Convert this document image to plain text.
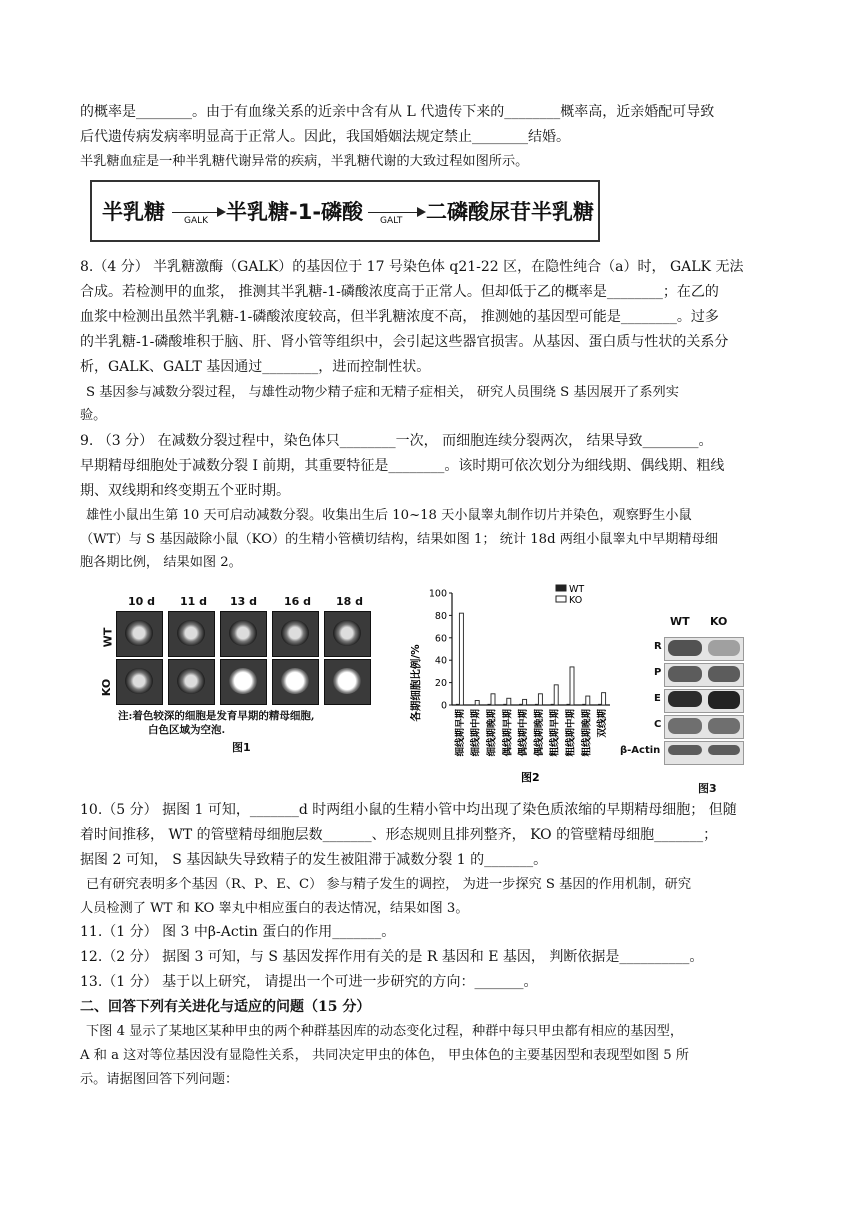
的概率是________。由于有血缘关系的近亲中含有从 L 代遗传下来的________概率高，近亲婚配可导致
后代遗传病发病率明显高于正常人。因此，我国婚姻法规定禁止________结婚。
半乳糖血症是一种半乳糖代谢异常的疾病，半乳糖代谢的大致过程如图所示。
半乳糖 GALK 半乳糖-1-磷酸 GALT 二磷酸尿苷半乳糖
8.（4 分） 半乳糖激酶（GALK）的基因位于 17 号染色体 q21-22 区，在隐性纯合（a）时， GALK 无法
合成。若检测甲的血浆， 推测其半乳糖-1-磷酸浓度高于正常人。但却低于乙的概率是________；在乙的
血浆中检测出虽然半乳糖-1-磷酸浓度较高，但半乳糖浓度不高， 推测她的基因型可能是________。过多
的半乳糖-1-磷酸堆积于脑、肝、肾小管等组织中，会引起这些器官损害。从基因、蛋白质与性状的关系分
析，GALK、GALT 基因通过________，进而控制性状。
S 基因参与减数分裂过程， 与雄性动物少精子症和无精子症相关， 研究人员围绕 S 基因展开了系列实
验。
9. （3 分） 在减数分裂过程中，染色体只________一次， 而细胞连续分裂两次， 结果导致________。
早期精母细胞处于减数分裂 I 前期，其重要特征是________。该时期可依次划分为细线期、偶线期、粗线
期、双线期和终变期五个亚时期。
雄性小鼠出生第 10 天可启动减数分裂。收集出生后 10~18 天小鼠睾丸制作切片并染色，观察野生小鼠
（WT）与 S 基因敲除小鼠（KO）的生精小管横切结构，结果如图 1； 统计 18d 两组小鼠睾丸中早期精母细
胞各期比例， 结果如图 2。
10 d 11 d 13 d 16 d 18 d
WT
KO
注:着色较深的细胞是发育早期的精母细胞,
白色区域为空泡.
图1
各期细胞比例/% 0
20
40
60
80
100
细线期早期 细线期中期 细线期晚期 偶线期早期 偶线期中期 偶线期晚期 粗线期早期 粗线期中期 粗线期晚期 双线期
WT
KO
图2
WT KO
R
P
E
C
β-Actin
图3
10.（5 分） 据图 1 可知，_______d 时两组小鼠的生精小管中均出现了染色质浓缩的早期精母细胞； 但随
着时间推移， WT 的管壁精母细胞层数_______、形态规则且排列整齐， KO 的管壁精母细胞_______；
据图 2 可知， S 基因缺失导致精子的发生被阻滞于减数分裂 1 的_______。
已有研究表明多个基因（R、P、E、C） 参与精子发生的调控， 为进一步探究 S 基因的作用机制，研究
人员检测了 WT 和 KO 睾丸中相应蛋白的表达情况，结果如图 3。
11.（1 分） 图 3 中β-Actin 蛋白的作用_______。
12.（2 分） 据图 3 可知，与 S 基因发挥作用有关的是 R 基因和 E 基因， 判断依据是__________。
13.（1 分） 基于以上研究， 请提出一个可进一步研究的方向：_______。
二、回答下列有关进化与适应的问题（15 分）
下图 4 显示了某地区某种甲虫的两个种群基因库的动态变化过程，种群中每只甲虫都有相应的基因型，
A 和 a 这对等位基因没有显隐性关系， 共同决定甲虫的体色， 甲虫体色的主要基因型和表现型如图 5 所
示。请据图回答下列问题：
